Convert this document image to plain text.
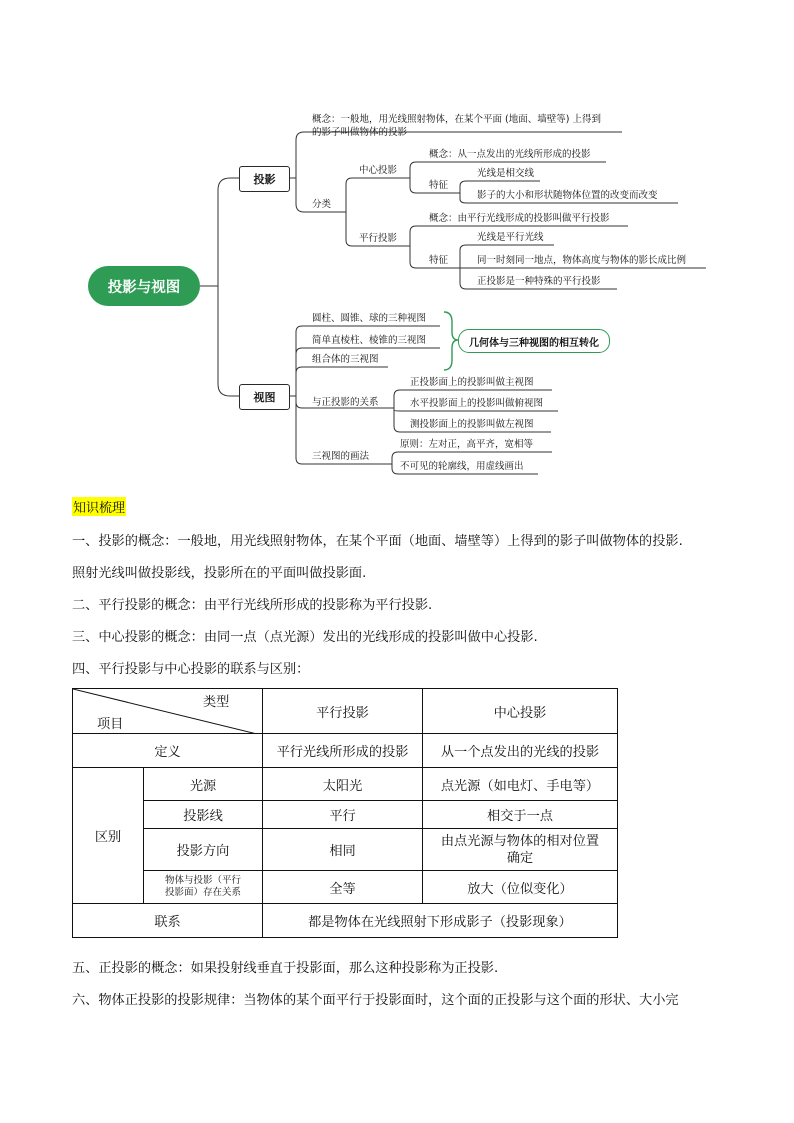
投影与视图
投影
视图
概念：一般地，用光线照射物体，在某个平面 (地面、墙壁等) 上得到
的影子叫做物体的投影
分类
中心投影
概念：从一点发出的光线所形成的投影
特征
光线是相交线
影子的大小和形状随物体位置的改变而改变
平行投影
概念：由平行光线形成的投影叫做平行投影
特征
光线是平行光线
同一时刻同一地点，物体高度与物体的影长成比例
正投影是一种特殊的平行投影
圆柱、圆锥、球的三种视图
简单直棱柱、棱锥的三视图
组合体的三视图
几何体与三种视图的相互转化
与正投影的关系
正投影面上的投影叫做主视图
水平投影面上的投影叫做俯视图
测投影面上的投影叫做左视图
三视图的画法
原则：左对正，高平齐，宽相等
不可见的轮廓线，用虚线画出
知识梳理
一、投影的概念：一般地，用光线照射物体，在某个平面（地面、墙壁等）上得到的影子叫做物体的投影.
照射光线叫做投影线，投影所在的平面叫做投影面.
二、平行投影的概念：由平行光线所形成的投影称为平行投影.
三、中心投影的概念：由同一点（点光源）发出的光线形成的投影叫做中心投影.
四、平行投影与中心投影的联系与区别：
类型
项目		平行投影	中心投影
定义		平行光线所形成的投影	从一个点发出的光线的投影
区别	光源	太阳光	点光源（如电灯、手电等）
	投影线	平行	相交于一点
	投影方向	相同	由点光源与物体的相对位置
确定

	物体与投影（平行
投影面）存在关系	全等	放大（位似变化）
联系		都是物体在光线照射下形成影子（投影现象）	
五、正投影的概念：如果投射线垂直于投影面，那么这种投影称为正投影.
六、物体正投影的投影规律：当物体的某个面平行于投影面时，这个面的正投影与这个面的形状、大小完
